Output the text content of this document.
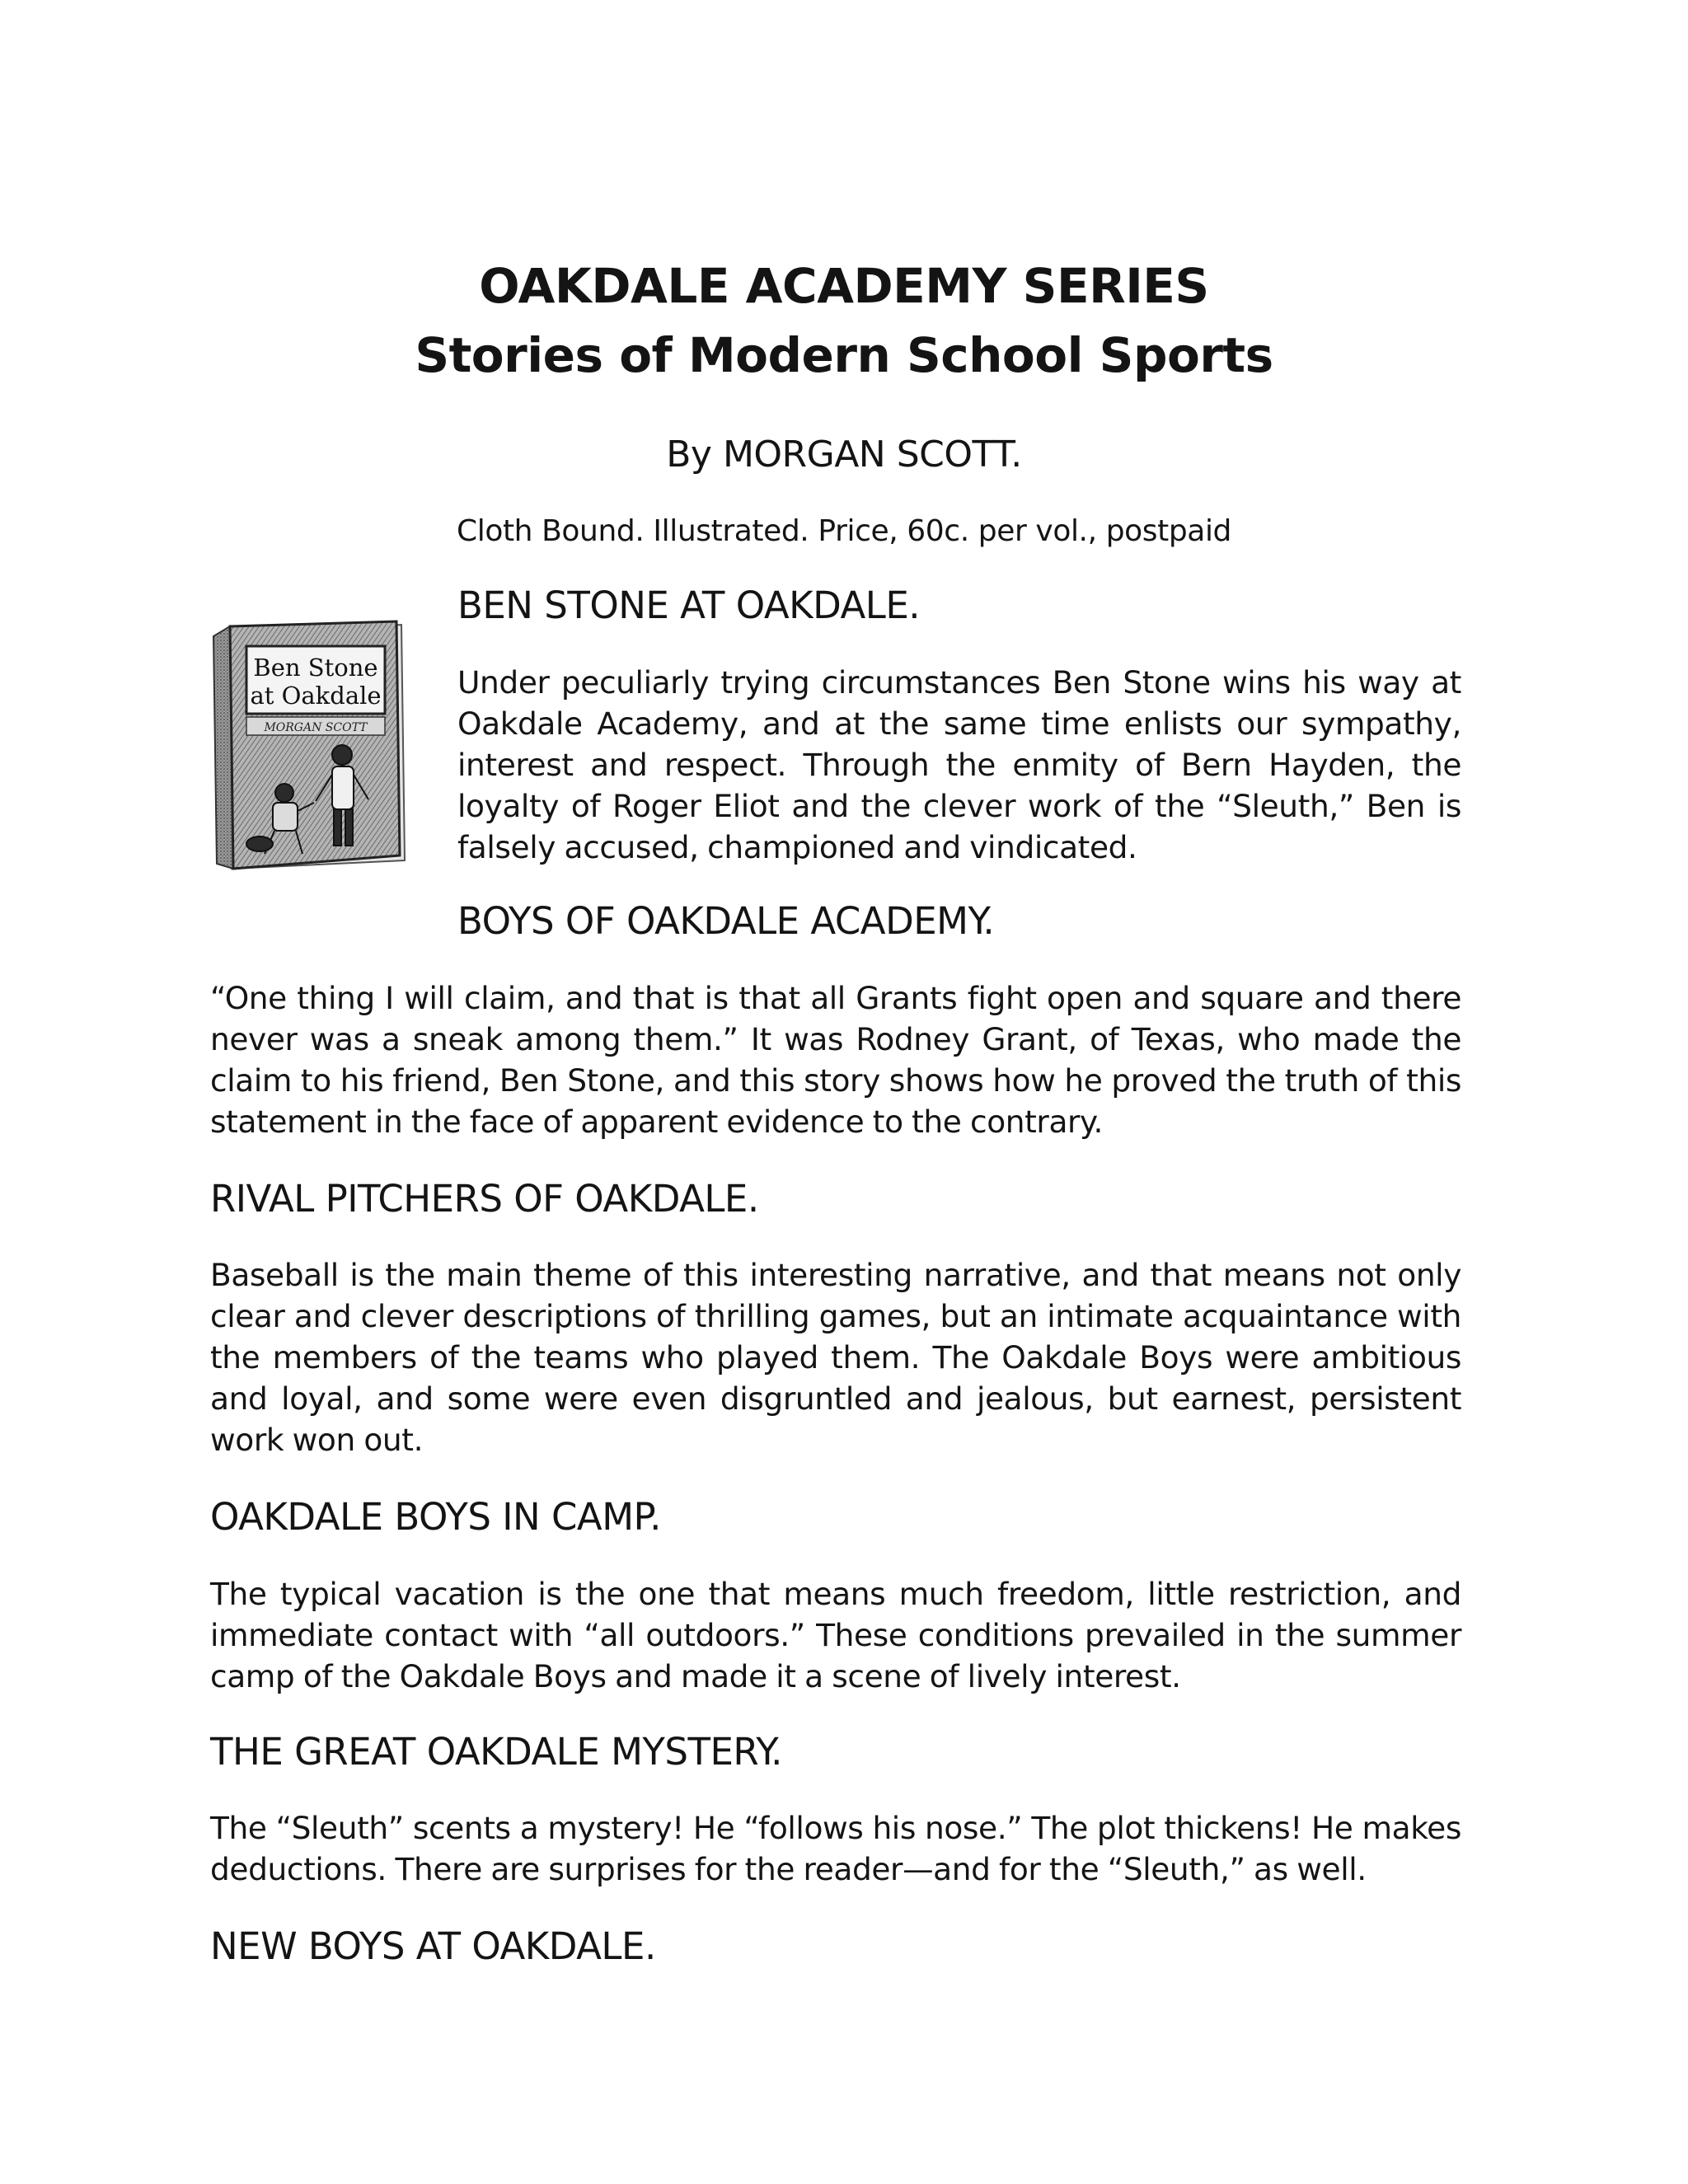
OAKDALE ACADEMY SERIES
Stories of Modern School Sports
By MORGAN SCOTT.
Cloth Bound. Illustrated. Price, 60c. per vol., postpaid
Ben Stone
at Oakdale
MORGAN SCOTT
BEN STONE AT OAKDALE.
Under peculiarly trying circumstances Ben Stone wins his way at Oakdale Academy, and at the same time enlists our sympathy, interest and respect. Through the enmity of Bern Hayden, the loyalty of Roger Eliot and the clever work of the “Sleuth,” Ben is falsely accused, championed and vindicated.
BOYS OF OAKDALE ACADEMY.
“One thing I will claim, and that is that all Grants fight open and square and there never was a sneak among them.” It was Rodney Grant, of Texas, who made the claim to his friend, Ben Stone, and this story shows how he proved the truth of this statement in the face of apparent evidence to the contrary.
RIVAL PITCHERS OF OAKDALE.
Baseball is the main theme of this interesting narrative, and that means not only clear and clever descriptions of thrilling games, but an intimate acquaintance with the members of the teams who played them. The Oakdale Boys were ambitious and loyal, and some were even disgruntled and jealous, but earnest, persistent work won out.
OAKDALE BOYS IN CAMP.
The typical vacation is the one that means much freedom, little restriction, and immediate contact with “all outdoors.” These conditions prevailed in the summer camp of the Oakdale Boys and made it a scene of lively interest.
THE GREAT OAKDALE MYSTERY.
The “Sleuth” scents a mystery! He “follows his nose.” The plot thickens! He makes deductions. There are surprises for the reader—and for the “Sleuth,” as well.
NEW BOYS AT OAKDALE.
